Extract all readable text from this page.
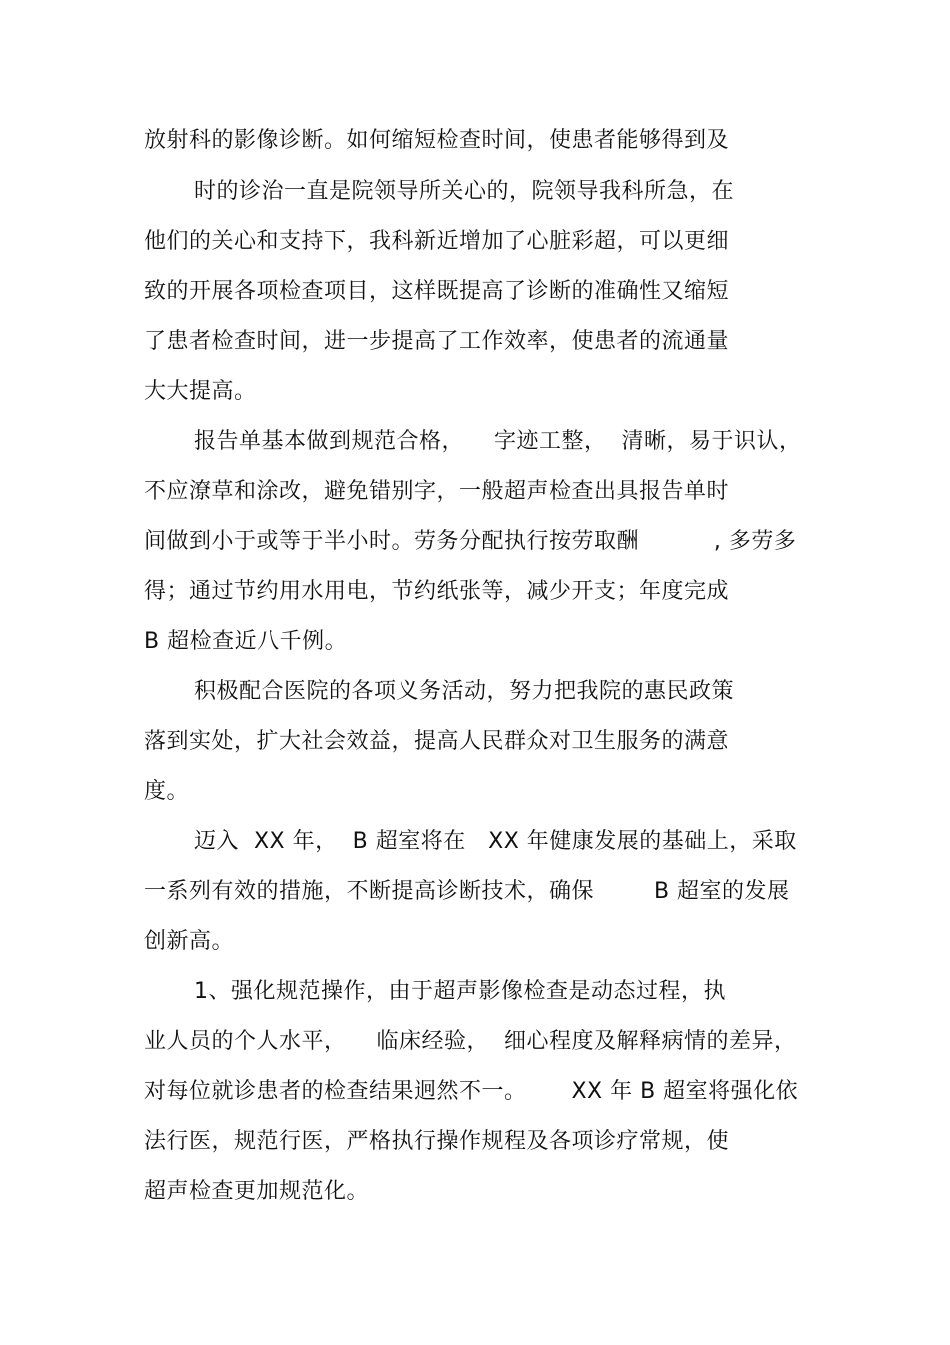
放射科的影像诊断。如何缩短检查时间，使患者能够得到及
时的诊治一直是院领导所关心的，院领导我科所急，在
他们的关心和支持下，我科新近增加了心脏彩超，可以更细
致的开展各项检查项目，这样既提高了诊断的准确性又缩短
了患者检查时间，进一步提高了工作效率，使患者的流通量
大大提高。
报告单基本做到规范合格，    字迹工整，  清晰，易于识认，
不应潦草和涂改，避免错别字，一般超声检查出具报告单时
间做到小于或等于半小时。劳务分配执行按劳取酬          , 多劳多
得；通过节约用水用电，节约纸张等，减少开支；年度完成
B 超检查近八千例。
积极配合医院的各项义务活动，努力把我院的惠民政策
落到实处，扩大社会效益，提高人民群众对卫生服务的满意
度。
迈入  XX 年，  B 超室将在   XX 年健康发展的基础上，采取
一系列有效的措施，不断提高诊断技术，确保        B 超室的发展
创新高。
1、强化规范操作，由于超声影像检查是动态过程，执
业人员的个人水平，    临床经验，  细心程度及解释病情的差异，
对每位就诊患者的检查结果迥然不一。      XX 年 B 超室将强化依
法行医，规范行医，严格执行操作规程及各项诊疗常规，使
超声检查更加规范化。
